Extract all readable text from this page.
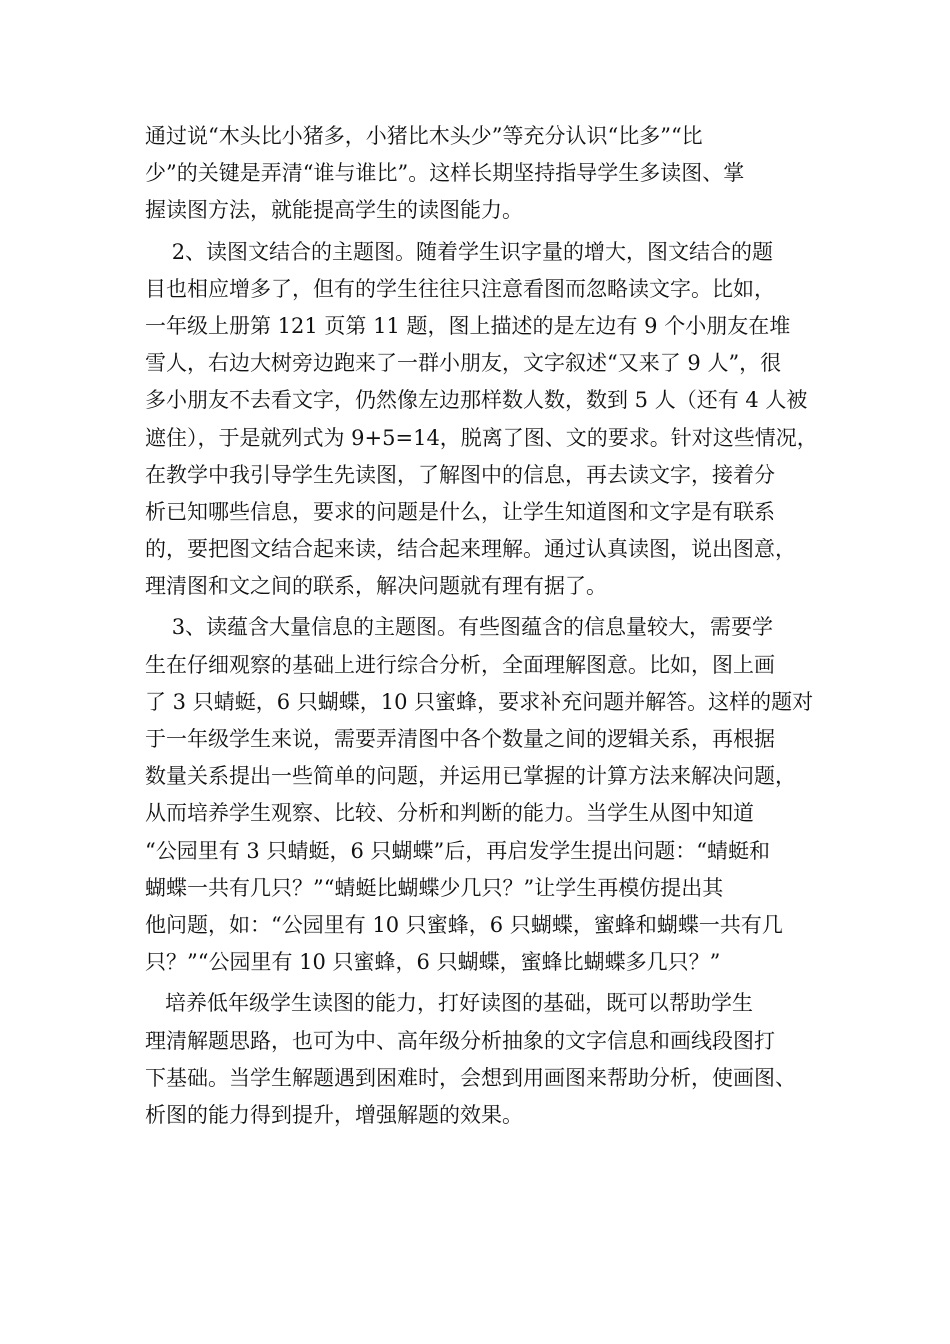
通过说“木头比小猪多，小猪比木头少”等充分认识“比多”“比
少”的关键是弄清“谁与谁比”。这样长期坚持指导学生多读图、掌
握读图方法，就能提高学生的读图能力。
2、读图文结合的主题图。随着学生识字量的增大，图文结合的题
目也相应增多了，但有的学生往往只注意看图而忽略读文字。比如，
一年级上册第 121 页第 11 题，图上描述的是左边有 9 个小朋友在堆
雪人，右边大树旁边跑来了一群小朋友，文字叙述“又来了 9 人”，很
多小朋友不去看文字，仍然像左边那样数人数，数到 5 人（还有 4 人被
遮住），于是就列式为 9+5=14，脱离了图、文的要求。针对这些情况，
在教学中我引导学生先读图，了解图中的信息，再去读文字，接着分
析已知哪些信息，要求的问题是什么，让学生知道图和文字是有联系
的，要把图文结合起来读，结合起来理解。通过认真读图，说出图意，
理清图和文之间的联系，解决问题就有理有据了。
3、读蕴含大量信息的主题图。有些图蕴含的信息量较大，需要学
生在仔细观察的基础上进行综合分析，全面理解图意。比如，图上画
了 3 只蜻蜓，6 只蝴蝶，10 只蜜蜂，要求补充问题并解答。这样的题对
于一年级学生来说，需要弄清图中各个数量之间的逻辑关系，再根据
数量关系提出一些简单的问题，并运用已掌握的计算方法来解决问题，
从而培养学生观察、比较、分析和判断的能力。当学生从图中知道
“公园里有 3 只蜻蜓，6 只蝴蝶”后，再启发学生提出问题：“蜻蜓和
蝴蝶一共有几只？”“蜻蜓比蝴蝶少几只？”让学生再模仿提出其
他问题，如：“公园里有 10 只蜜蜂，6 只蝴蝶，蜜蜂和蝴蝶一共有几
只？”“公园里有 10 只蜜蜂，6 只蝴蝶，蜜蜂比蝴蝶多几只？”
培养低年级学生读图的能力，打好读图的基础，既可以帮助学生
理清解题思路，也可为中、高年级分析抽象的文字信息和画线段图打
下基础。当学生解题遇到困难时，会想到用画图来帮助分析，使画图、
析图的能力得到提升，增强解题的效果。
